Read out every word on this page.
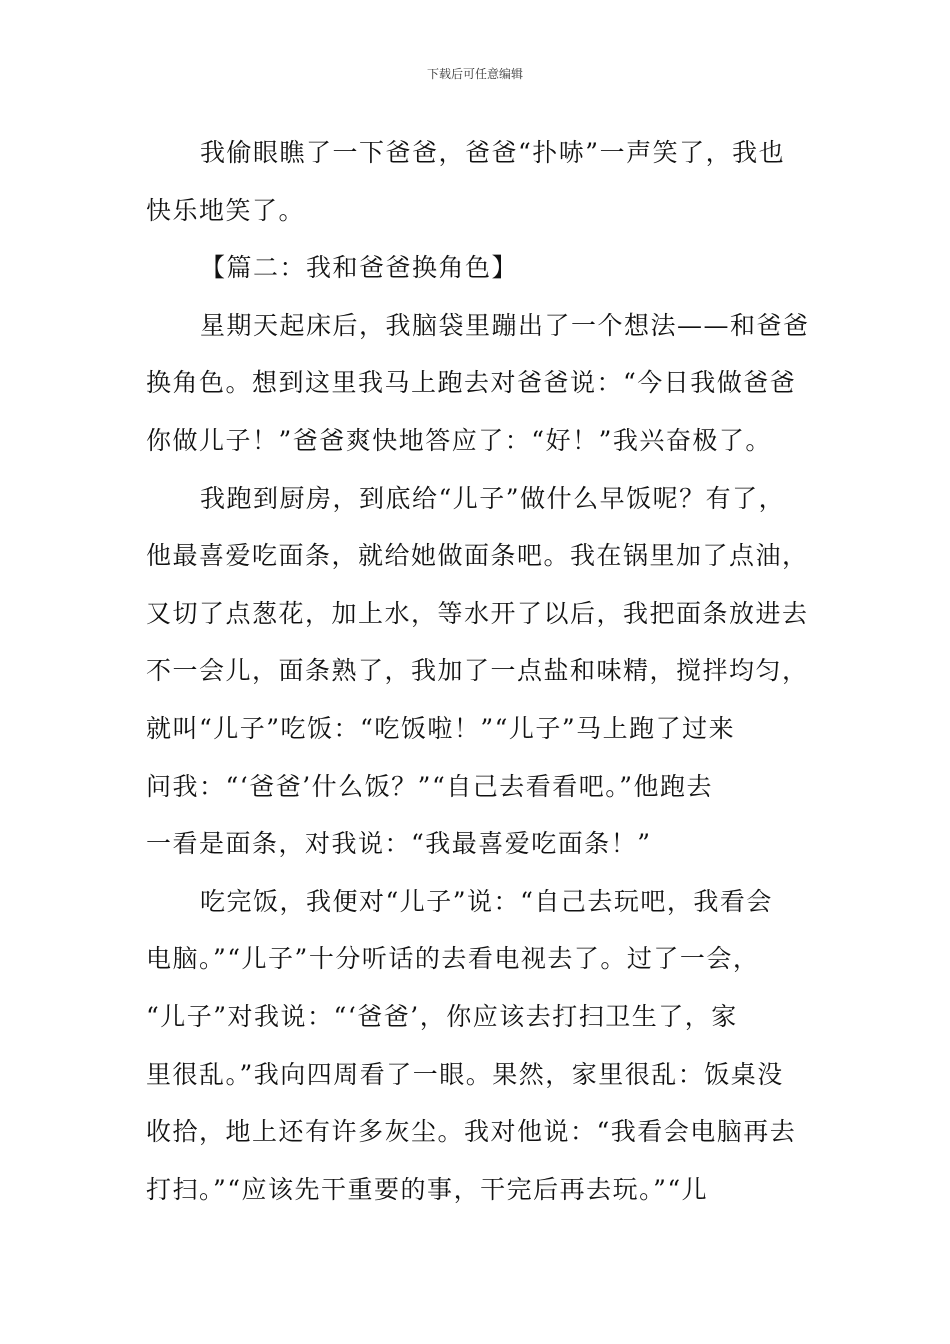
下载后可任意编辑
我偷眼瞧了一下爸爸，爸爸“扑哧”一声笑了，我也
快乐地笑了。
【篇二：我和爸爸换角色】
星期天起床后，我脑袋里蹦出了一个想法——和爸爸
换角色。想到这里我马上跑去对爸爸说：“今日我做爸爸
你做儿子！”爸爸爽快地答应了：“好！”我兴奋极了。
我跑到厨房，到底给“儿子”做什么早饭呢？有了，
他最喜爱吃面条，就给她做面条吧。我在锅里加了点油，
又切了点葱花，加上水，等水开了以后，我把面条放进去
不一会儿，面条熟了，我加了一点盐和味精，搅拌均匀，
就叫“儿子”吃饭：“吃饭啦！”“儿子”马上跑了过来
问我：“‘爸爸’什么饭？”“自己去看看吧。”他跑去
一看是面条，对我说：“我最喜爱吃面条！”
吃完饭，我便对“儿子”说：“自己去玩吧，我看会
电脑。”“儿子”十分听话的去看电视去了。过了一会，
“儿子”对我说：“‘爸爸’，你应该去打扫卫生了，家
里很乱。”我向四周看了一眼。果然，家里很乱：饭桌没
收拾，地上还有许多灰尘。我对他说：“我看会电脑再去
打扫。”“应该先干重要的事，干完后再去玩。”“儿
